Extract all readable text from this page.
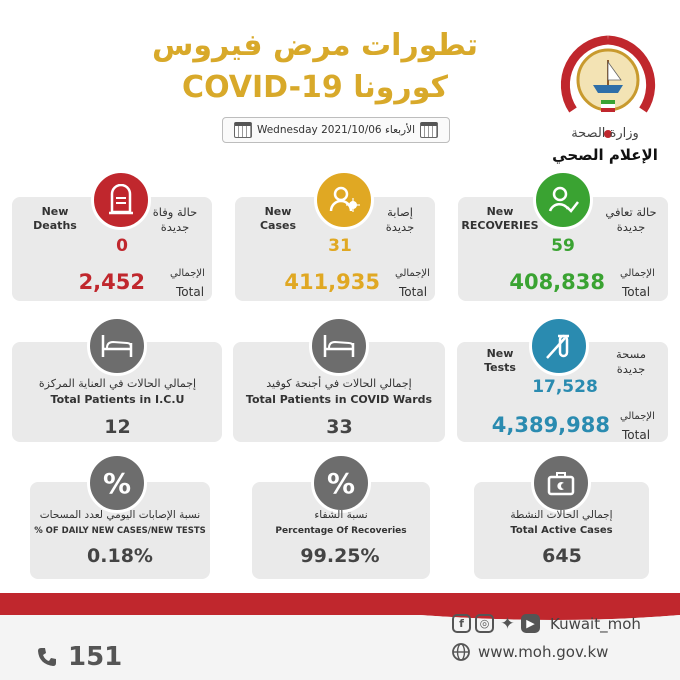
تطورات مرض فيروس
COVID-19 كورونا
Wednesday 2021/10/06 الأربعاء	وزارة الصحة
الإعلام الصحي
New
Deaths
حالة وفاة
جديدة
0
2,452	الإجمالي
Total
New
Cases
إصابة
جديدة
31
411,935 الإجمالي
Total
New
RECOVERIES
حالة تعافي
جديدة
59
408,838 الإجمالي
Total
إجمالي الحالات في العناية المركزة
Total Patients in I.C.U
12
إجمالي الحالات في أجنحة كوفيد
Total Patients in COVID Wards
33
New
Tests
مسحة
جديدة
17,528
4,389,988 الإجمالي
Total
%
نسبة الإصابات اليومي لعدد المسحات
% OF DAILY NEW CASES/NEW TESTS
0.18%
%
نسبة الشفاء
Percentage Of Recoveries
99.25%
إجمالي الحالات النشطة
Total Active Cases
645
f	◎ ✦	▶	Kuwait_moh
www.moh.gov.kw
151
